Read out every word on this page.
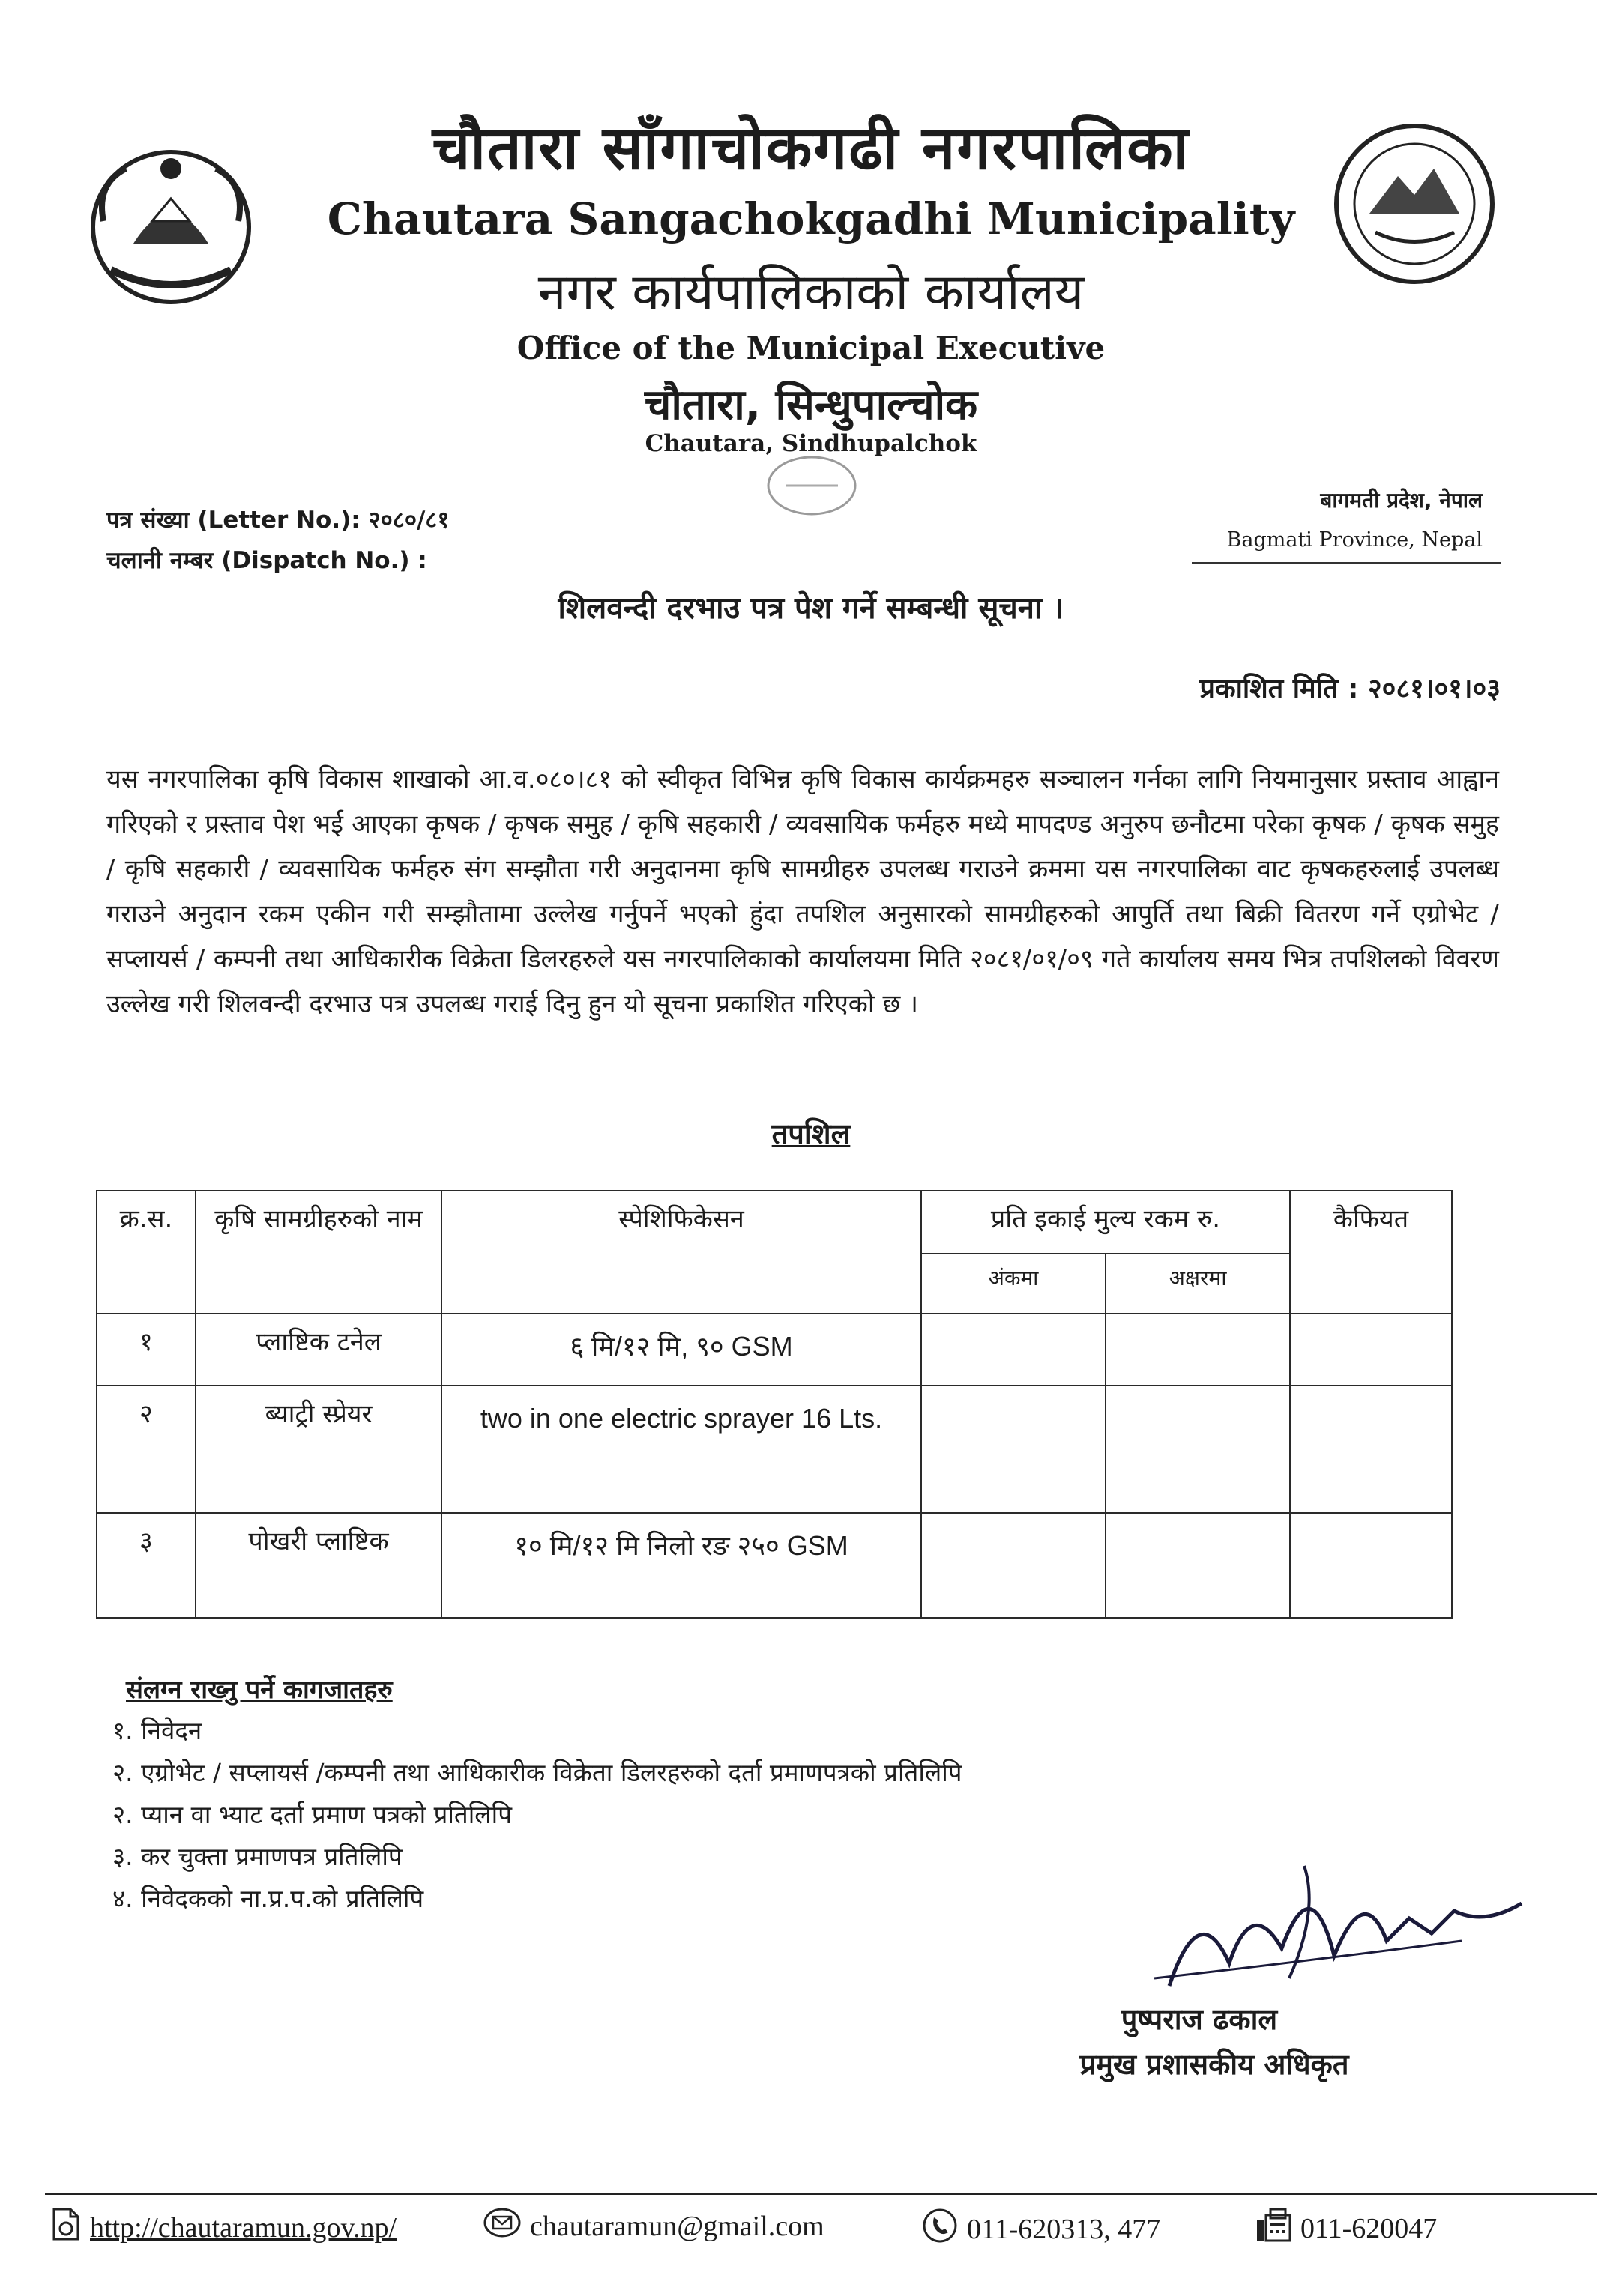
चौतारा साँगाचोकगढी नगरपालिका
Chautara Sangachokgadhi Municipality
नगर कार्यपालिकाको कार्यालय
Office of the Municipal Executive
चौतारा, सिन्धुपाल्चोक
Chautara, Sindhupalchok
पत्र संख्या (Letter No.): २०८०/८१
चलानी नम्बर (Dispatch No.) :
बागमती प्रदेश, नेपाल
Bagmati Province, Nepal
शिलवन्दी दरभाउ पत्र पेश गर्ने सम्बन्धी सूचना ।
प्रकाशित मिति : २०८१।०१।०३
यस नगरपालिका कृषि विकास शाखाको आ.व.०८०।८१ को स्वीकृत विभिन्न कृषि विकास कार्यक्रमहरु सञ्चालन गर्नका लागि नियमानुसार प्रस्ताव आह्वान गरिएको र प्रस्ताव पेश भई आएका कृषक / कृषक समुह / कृषि सहकारी / व्यवसायिक फर्महरु मध्ये मापदण्ड अनुरुप छनौटमा परेका कृषक / कृषक समुह / कृषि सहकारी / व्यवसायिक फर्महरु संग सम्झौता गरी अनुदानमा कृषि सामग्रीहरु उपलब्ध गराउने क्रममा यस नगरपालिका वाट कृषकहरुलाई उपलब्ध गराउने अनुदान रकम एकीन गरी सम्झौतामा उल्लेख गर्नुपर्ने भएको हुंदा तपशिल अनुसारको सामग्रीहरुको आपुर्ति तथा बिक्री वितरण गर्ने एग्रोभेट / सप्लायर्स / कम्पनी तथा आधिकारीक विक्रेता डिलरहरुले यस नगरपालिकाको कार्यालयमा मिति २०८१/०१/०९ गते कार्यालय समय भित्र तपशिलको विवरण उल्लेख गरी शिलवन्दी दरभाउ पत्र उपलब्ध गराई दिनु हुन यो सूचना प्रकाशित गरिएको छ ।
तपशिल
क्र.स.	कृषि सामग्रीहरुको नाम	स्पेशिफिकेसन	प्रति इकाई मुल्य रकम रु.		कैफियत
			अंकमा	अक्षरमा	
१	प्लाष्टिक टनेल	६ मि/१२ मि, ९० GSM			
२	ब्याट्री स्प्रेयर	two in one electric sprayer 16 Lts.			
३	पोखरी प्लाष्टिक	१० मि/१२ मि निलो रङ २५० GSM			
संलग्न राख्नु पर्ने कागजातहरु
१. निवेदन
२. एग्रोभेट / सप्लायर्स /कम्पनी तथा आधिकारीक विक्रेता डिलरहरुको दर्ता प्रमाणपत्रको प्रतिलिपि
२. प्यान वा भ्याट दर्ता प्रमाण पत्रको प्रतिलिपि
३. कर चुक्ता प्रमाणपत्र प्रतिलिपि
४. निवेदकको ना.प्र.प.को प्रतिलिपि
पुष्पराज ढकाल
प्रमुख प्रशासकीय अधिकृत
http://chautaramun.gov.np/	chautaramun@gmail.com	011-620313, 477	011-620047
